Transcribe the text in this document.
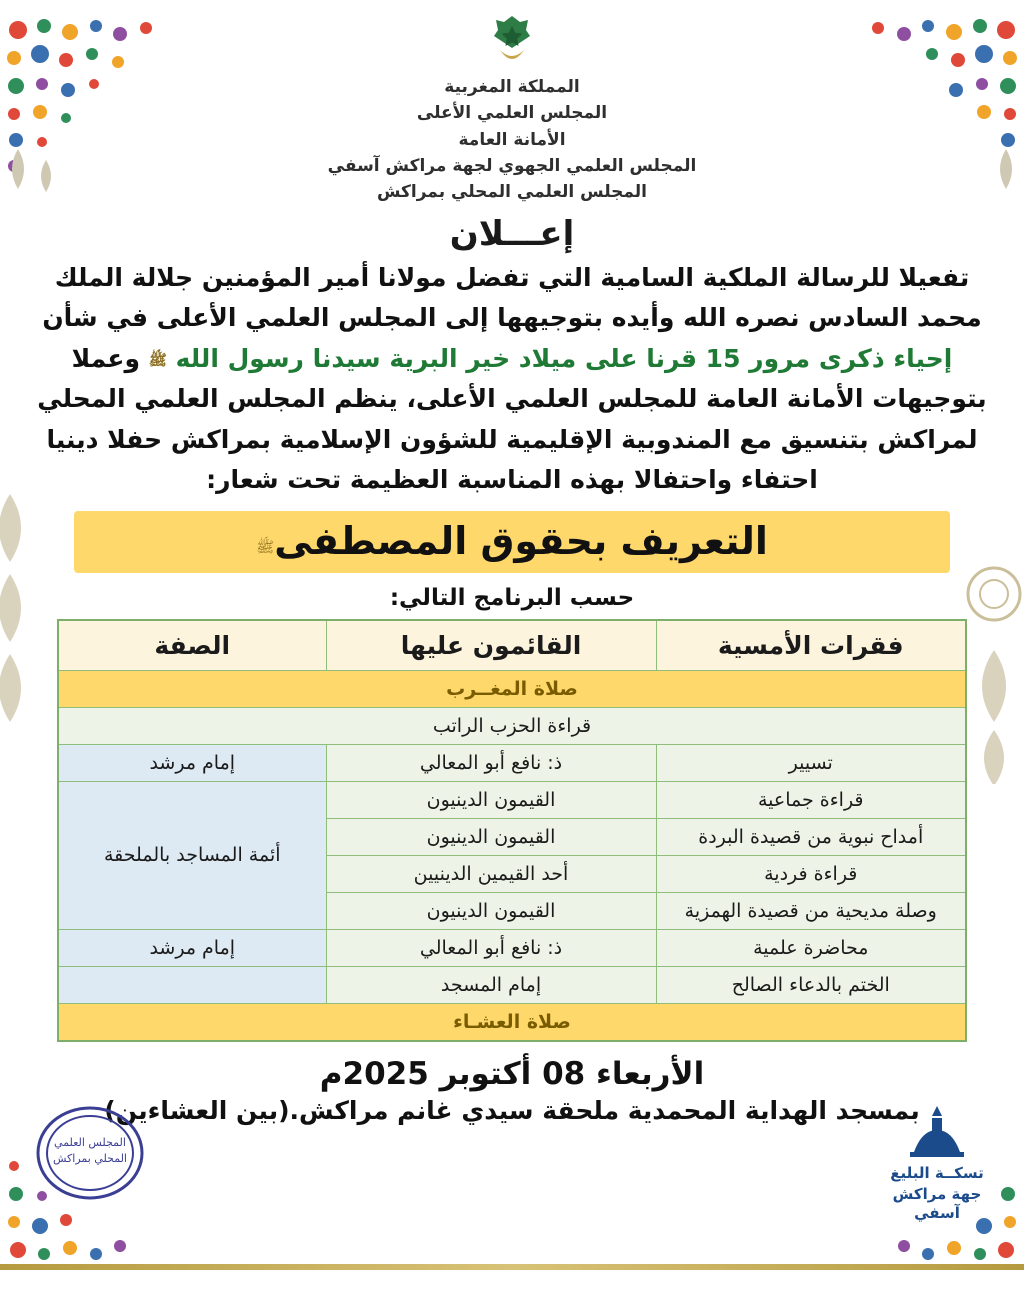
المملكة المغربية
المجلس العلمي الأعلى
الأمانة العامة
المجلس العلمي الجهوي لجهة مراكش آسفي
المجلس العلمي المحلي بمراكش
إعـــلان
تفعيلا للرسالة الملكية السامية التي تفضل مولانا أمير المؤمنين جلالة الملك
محمد السادس نصره الله وأيده بتوجيهها إلى المجلس العلمي الأعلى في شأن
إحياء ذكرى مرور 15 قرنا على ميلاد خير البرية سيدنا رسول الله ﷺ وعملا
بتوجيهات الأمانة العامة للمجلس العلمي الأعلى، ينظم المجلس العلمي المحلي
لمراكش بتنسيق مع المندوبية الإقليمية للشؤون الإسلامية بمراكش حفلا دينيا
احتفاء واحتفالا بهذه المناسبة العظيمة تحت شعار:
التعريف بحقوق المصطفىﷺ
حسب البرنامج التالي:
فقرات الأمسية	القائمون عليها	الصفة
صلاة المغــرب		
قراءة الحزب الراتب		
تسيير	ذ: نافع أبو المعالي	إمام مرشد
قراءة جماعية	القيمون الدينيون	أئمة المساجد بالملحقة
أمداح نبوية من قصيدة البردة	القيمون الدينيون	
قراءة فردية	أحد القيمين الدينيين	
وصلة مديحية من قصيدة الهمزية	القيمون الدينيون	
محاضرة علمية	ذ: نافع أبو المعالي	إمام مرشد
الختم بالدعاء الصالح	إمام المسجد	
صلاة العشـاء		
الأربعاء 08 أكتوبر 2025م
بمسجد الهداية المحمدية ملحقة سيدي غانم مراكش.(بين العشاءين)
المجلس العلمي
المحلي بمراكش
تسكــة البليغ
جهة مراكش آسفي
